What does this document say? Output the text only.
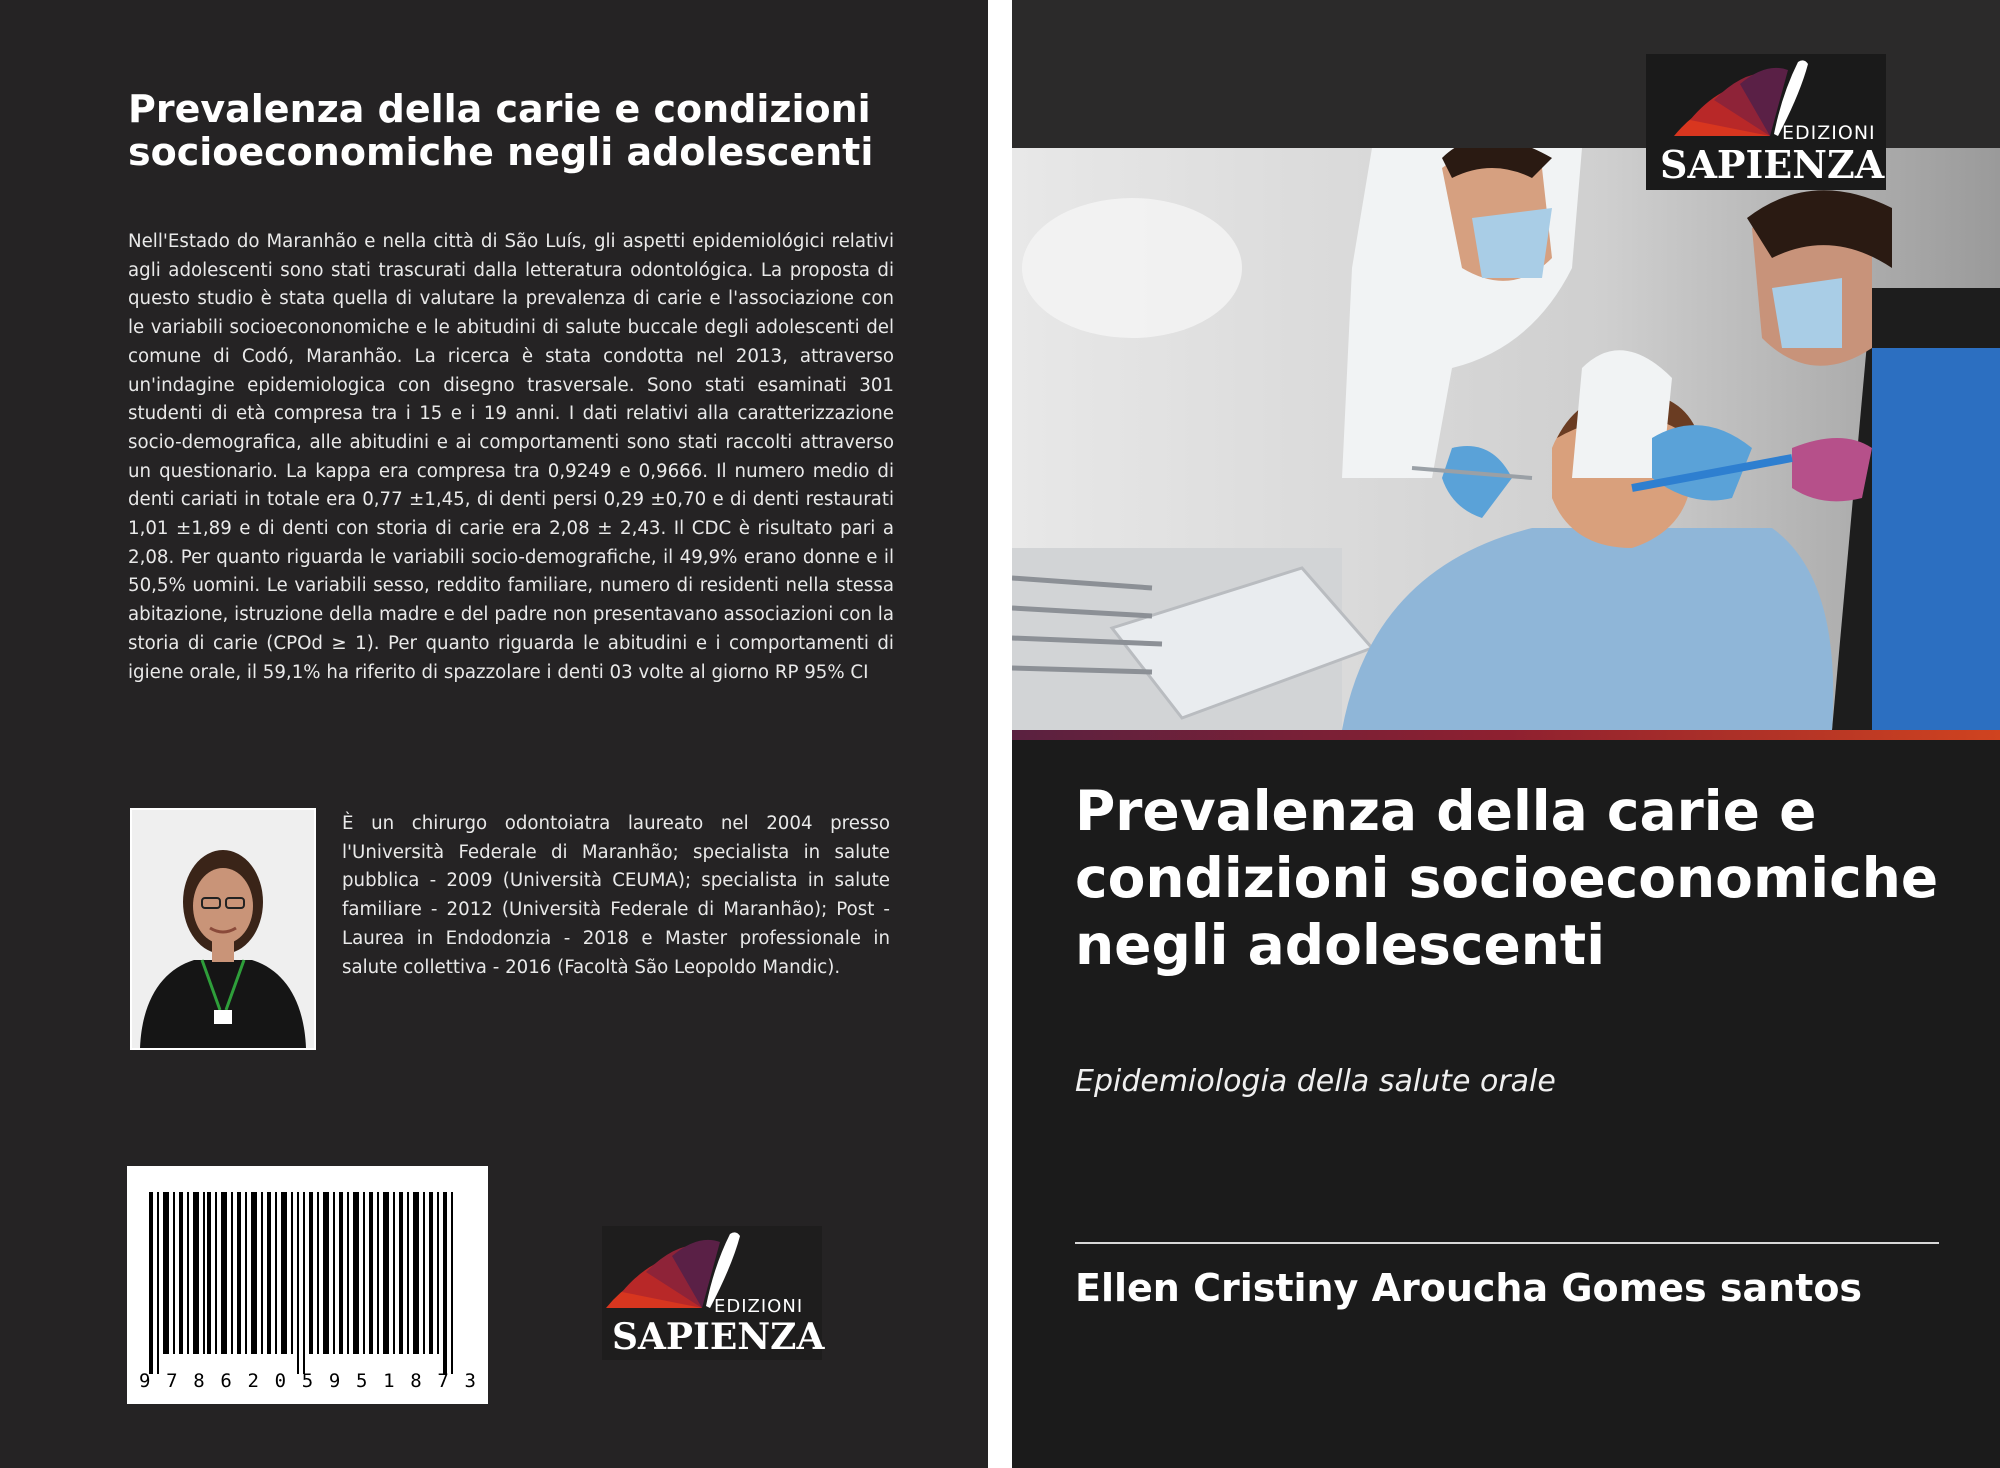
Prevalenza della carie e condizioni socioeconomiche negli adolescenti

Nell'Estado do Maranhão e nella città di São Luís, gli aspetti epidemiológici relativi agli adolescenti sono stati trascurati dalla letteratura odontológica. La proposta di questo studio è stata quella di valutare la prevalenza di carie e l'associazione con le variabili socioecononomiche e le abitudini di salute buccale degli adolescenti del comune di Codó, Maranhão. La ricerca è stata condotta nel 2013, attraverso un'indagine epidemiologica con disegno trasversale. Sono stati esaminati 301 studenti di età compresa tra i 15 e i 19 anni. I dati relativi alla caratterizzazione socio-demografica, alle abitudini e ai comportamenti sono stati raccolti attraverso un questionario. La kappa era compresa tra 0,9249 e 0,9666. Il numero medio di denti cariati in totale era 0,77 ±1,45, di denti persi 0,29 ±0,70 e di denti restaurati 1,01 ±1,89 e di denti con storia di carie era 2,08 ± 2,43. Il CDC è risultato pari a 2,08. Per quanto riguarda le variabili socio-demografiche, il 49,9% erano donne e il 50,5% uomini. Le variabili sesso, reddito familiare, numero di residenti nella stessa abitazione, istruzione della madre e del padre non presentavano associazioni con la storia di carie (CPOd ≥ 1). Per quanto riguarda le abitudini e i comportamenti di igiene orale, il 59,1% ha riferito di spazzolare i denti 03 volte al giorno RP 95% CI

È un chirurgo odontoiatra laureato nel 2004 presso l'Università Federale di Maranhão; specialista in salute pubblica - 2009 (Università CEUMA); specialista in salute familiare - 2012 (Università Federale di Maranhão); Post - Laurea in Endodonzia - 2018 e Master professionale in salute collettiva - 2016 (Facoltà São Leopoldo Mandic).

9 7 8 6 2 0 5 9 5 1 8 7 3
EDIZIONI
SAPIENZA
EDIZIONI
SAPIENZA
Prevalenza della carie e condizioni socioeconomiche negli adolescenti

Epidemiologia della salute orale

Ellen Cristiny Aroucha Gomes santos
